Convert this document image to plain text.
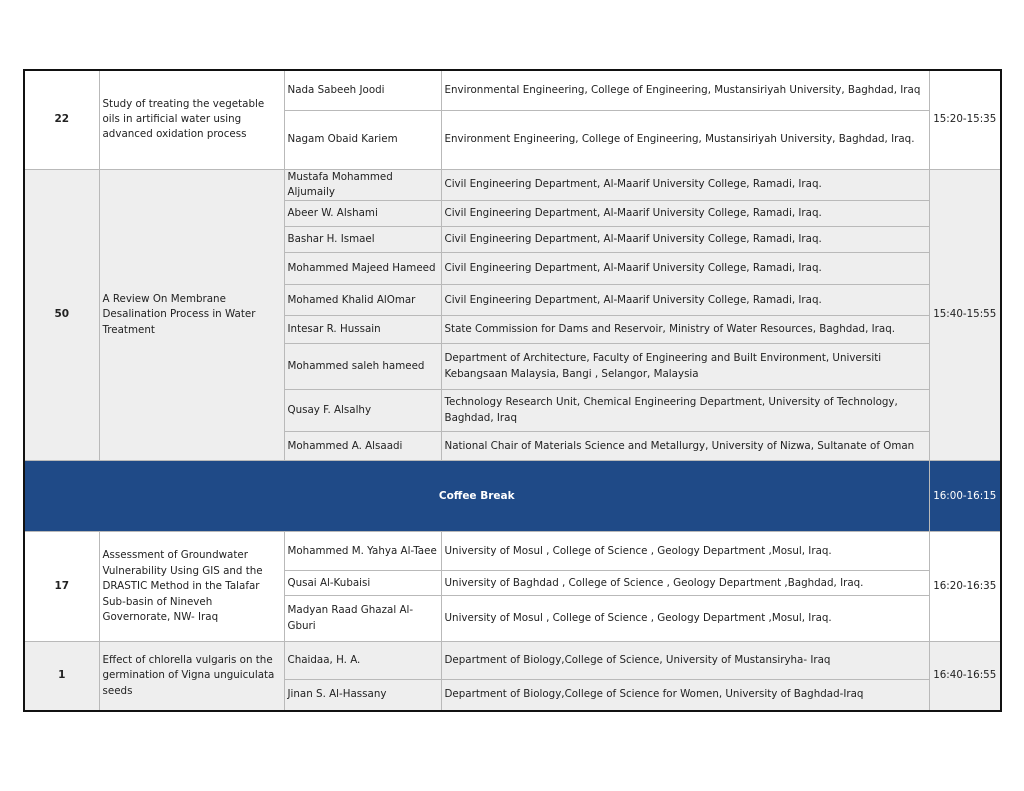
22	Study of treating the vegetable oils in artificial water using advanced oxidation process	Nada Sabeeh Joodi	Environmental Engineering, College of Engineering, Mustansiriyah University, Baghdad, Iraq	15:20-15:35
		Nagam Obaid Kariem	Environment Engineering, College of Engineering, Mustansiriyah University, Baghdad, Iraq.	
50	A Review On Membrane Desalination Process in Water Treatment	Mustafa Mohammed Aljumaily	Civil Engineering Department, Al-Maarif University College, Ramadi, Iraq.	15:40-15:55
		Abeer W. Alshami	Civil Engineering Department, Al-Maarif University College, Ramadi, Iraq.	
		Bashar H. Ismael	Civil Engineering Department, Al-Maarif University College, Ramadi, Iraq.	
		Mohammed Majeed Hameed	Civil Engineering Department, Al-Maarif University College, Ramadi, Iraq.	
		Mohamed Khalid AlOmar	Civil Engineering Department, Al-Maarif University College, Ramadi, Iraq.	
		Intesar R. Hussain	State Commission for Dams and Reservoir, Ministry of Water Resources, Baghdad, Iraq.	
		Mohammed saleh hameed	Department of Architecture, Faculty of Engineering and Built Environment, Universiti Kebangsaan Malaysia, Bangi , Selangor, Malaysia	
		Qusay F. Alsalhy	Technology Research Unit, Chemical Engineering Department, University of Technology, Baghdad, Iraq	
		Mohammed A. Alsaadi	National Chair of Materials Science and Metallurgy, University of Nizwa, Sultanate of Oman	
Coffee Break				16:00-16:15
17	Assessment of Groundwater Vulnerability Using GIS and the DRASTIC Method in the Talafar Sub-basin of Nineveh Governorate, NW- Iraq	Mohammed M. Yahya Al-Taee	University of Mosul , College of Science , Geology Department ,Mosul, Iraq.	16:20-16:35
		Qusai Al-Kubaisi	University of Baghdad , College of Science , Geology Department ,Baghdad, Iraq.	
		Madyan Raad Ghazal Al-Gburi	University of Mosul , College of Science , Geology Department ,Mosul, Iraq.	
1	Effect of chlorella vulgaris on the germination of Vigna unguiculata seeds	Chaidaa, H. A.	Department of Biology,College of Science, University of Mustansiryha- Iraq	16:40-16:55
		Jinan S. Al-Hassany	Department of Biology,College of Science for Women, University of Baghdad-Iraq	
